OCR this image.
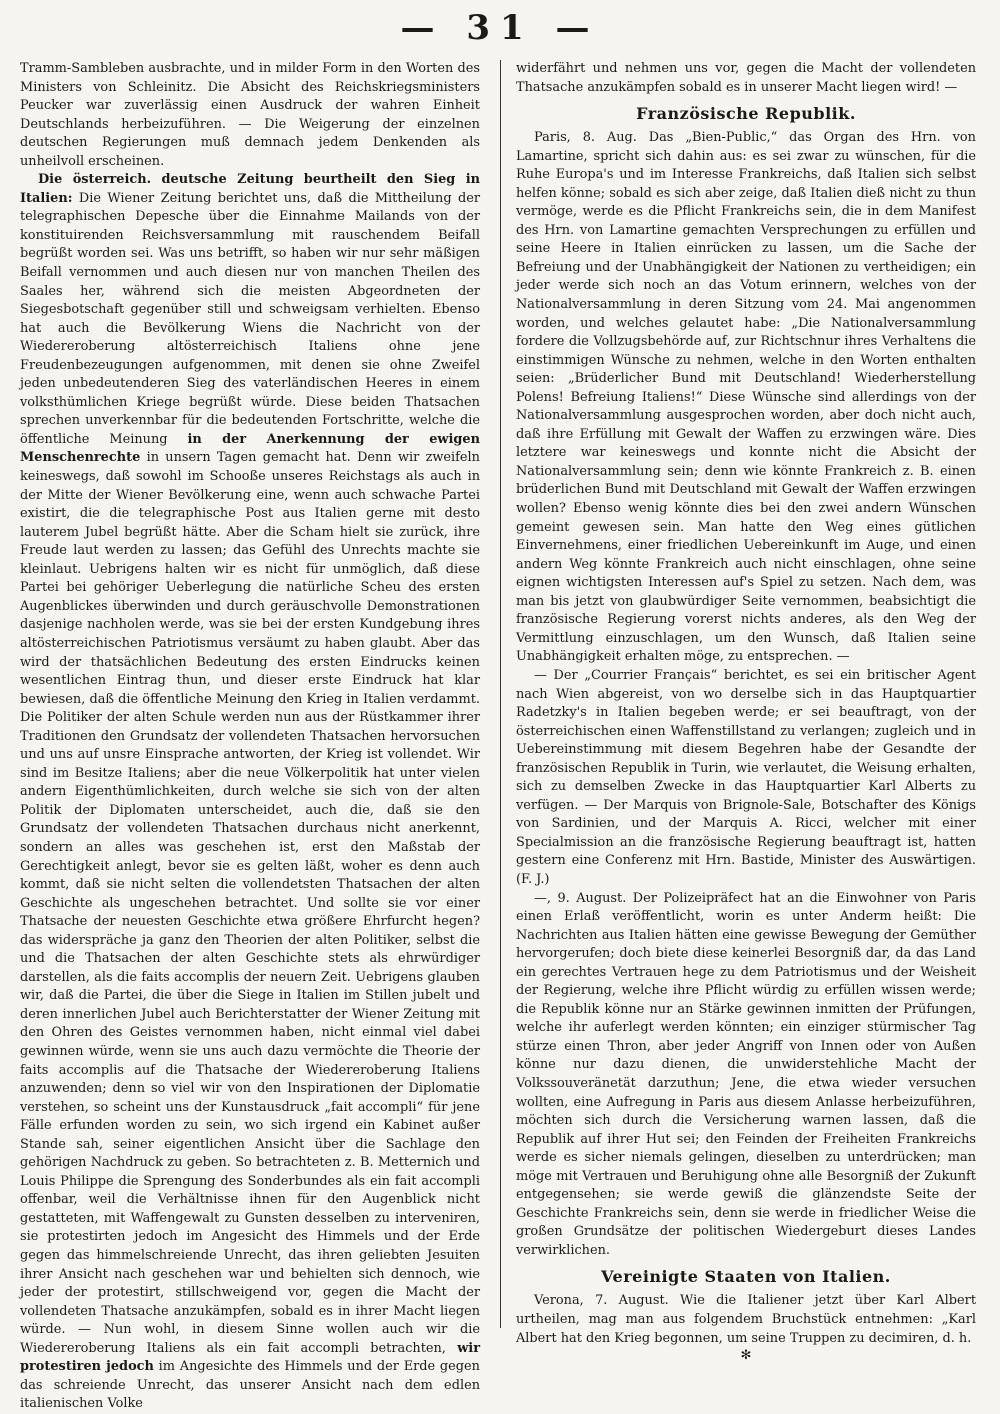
— 31 —

Tramm-Sambleben ausbrachte, und in milder Form in den Worten des Ministers von Schleinitz. Die Absicht des Reichskriegsministers Peucker war zuverlässig einen Ausdruck der wahren Einheit Deutschlands herbeizuführen. — Die Weigerung der einzelnen deutschen Regierungen muß demnach jedem Denkenden als unheilvoll erscheinen.

Die österreich. deutsche Zeitung beurtheilt den Sieg in Italien: Die Wiener Zeitung berichtet uns, daß die Mittheilung der telegraphischen Depesche über die Einnahme Mailands von der konstituirenden Reichsversammlung mit rauschendem Beifall begrüßt worden sei. Was uns betrifft, so haben wir nur sehr mäßigen Beifall vernommen und auch diesen nur von manchen Theilen des Saales her, während sich die meisten Abgeordneten der Siegesbotschaft gegenüber still und schweigsam verhielten. Ebenso hat auch die Bevölkerung Wiens die Nachricht von der Wiedereroberung altösterreichisch Italiens ohne jene Freudenbezeugungen aufgenommen, mit denen sie ohne Zweifel jeden unbedeutenderen Sieg des vaterländischen Heeres in einem volksthümlichen Kriege begrüßt würde. Diese beiden Thatsachen sprechen unverkennbar für die bedeutenden Fortschritte, welche die öffentliche Meinung in der Anerkennung der ewigen Menschenrechte in unsern Tagen gemacht hat. Denn wir zweifeln keineswegs, daß sowohl im Schooße unseres Reichstags als auch in der Mitte der Wiener Bevölkerung eine, wenn auch schwache Partei existirt, die die telegraphische Post aus Italien gerne mit desto lauterem Jubel begrüßt hätte. Aber die Scham hielt sie zurück, ihre Freude laut werden zu lassen; das Gefühl des Unrechts machte sie kleinlaut. Uebrigens halten wir es nicht für unmöglich, daß diese Partei bei gehöriger Ueberlegung die natürliche Scheu des ersten Augenblickes überwinden und durch geräuschvolle Demonstrationen dasjenige nachholen werde, was sie bei der ersten Kundgebung ihres altösterreichischen Patriotismus versäumt zu haben glaubt. Aber das wird der thatsächlichen Bedeutung des ersten Eindrucks keinen wesentlichen Eintrag thun, und dieser erste Eindruck hat klar bewiesen, daß die öffentliche Meinung den Krieg in Italien verdammt. Die Politiker der alten Schule werden nun aus der Rüstkammer ihrer Traditionen den Grundsatz der vollendeten Thatsachen hervorsuchen und uns auf unsre Einsprache antworten, der Krieg ist vollendet. Wir sind im Besitze Italiens; aber die neue Völkerpolitik hat unter vielen andern Eigenthümlichkeiten, durch welche sie sich von der alten Politik der Diplomaten unterscheidet, auch die, daß sie den Grundsatz der vollendeten Thatsachen durchaus nicht anerkennt, sondern an alles was geschehen ist, erst den Maßstab der Gerechtigkeit anlegt, bevor sie es gelten läßt, woher es denn auch kommt, daß sie nicht selten die vollendetsten Thatsachen der alten Geschichte als ungeschehen betrachtet. Und sollte sie vor einer Thatsache der neuesten Geschichte etwa größere Ehrfurcht hegen? das widerspräche ja ganz den Theorien der alten Politiker, selbst die und die Thatsachen der alten Geschichte stets als ehrwürdiger darstellen, als die faits accomplis der neuern Zeit. Uebrigens glauben wir, daß die Partei, die über die Siege in Italien im Stillen jubelt und deren innerlichen Jubel auch Berichterstatter der Wiener Zeitung mit den Ohren des Geistes vernommen haben, nicht einmal viel dabei gewinnen würde, wenn sie uns auch dazu vermöchte die Theorie der faits accomplis auf die Thatsache der Wiedereroberung Italiens anzuwenden; denn so viel wir von den Inspirationen der Diplomatie verstehen, so scheint uns der Kunstausdruck „fait accompli“ für jene Fälle erfunden worden zu sein, wo sich irgend ein Kabinet außer Stande sah, seiner eigentlichen Ansicht über die Sachlage den gehörigen Nachdruck zu geben. So betrachteten z. B. Metternich und Louis Philippe die Sprengung des Sonderbundes als ein fait accompli offenbar, weil die Verhältnisse ihnen für den Augenblick nicht gestatteten, mit Waffengewalt zu Gunsten desselben zu interveniren, sie protestirten jedoch im Angesicht des Himmels und der Erde gegen das himmelschreiende Unrecht, das ihren geliebten Jesuiten ihrer Ansicht nach geschehen war und behielten sich dennoch, wie jeder der protestirt, stillschweigend vor, gegen die Macht der vollendeten Thatsache anzukämpfen, sobald es in ihrer Macht liegen würde. — Nun wohl, in diesem Sinne wollen auch wir die Wiedereroberung Italiens als ein fait accompli betrachten, wir protestiren jedoch im Angesichte des Himmels und der Erde gegen das schreiende Unrecht, das unserer Ansicht nach dem edlen italienischen Volke

widerfährt und nehmen uns vor, gegen die Macht der vollendeten Thatsache anzukämpfen sobald es in unserer Macht liegen wird! —

Französische Republik.

Paris, 8. Aug. Das „Bien-Public,“ das Organ des Hrn. von Lamartine, spricht sich dahin aus: es sei zwar zu wünschen, für die Ruhe Europa's und im Interesse Frankreichs, daß Italien sich selbst helfen könne; sobald es sich aber zeige, daß Italien dieß nicht zu thun vermöge, werde es die Pflicht Frankreichs sein, die in dem Manifest des Hrn. von Lamartine gemachten Versprechungen zu erfüllen und seine Heere in Italien einrücken zu lassen, um die Sache der Befreiung und der Unabhängigkeit der Nationen zu vertheidigen; ein jeder werde sich noch an das Votum erinnern, welches von der Nationalversammlung in deren Sitzung vom 24. Mai angenommen worden, und welches gelautet habe: „Die Nationalversammlung fordere die Vollzugsbehörde auf, zur Richtschnur ihres Verhaltens die einstimmigen Wünsche zu nehmen, welche in den Worten enthalten seien: „Brüderlicher Bund mit Deutschland! Wiederherstellung Polens! Befreiung Italiens!“ Diese Wünsche sind allerdings von der Nationalversammlung ausgesprochen worden, aber doch nicht auch, daß ihre Erfüllung mit Gewalt der Waffen zu erzwingen wäre. Dies letztere war keineswegs und konnte nicht die Absicht der Nationalversammlung sein; denn wie könnte Frankreich z. B. einen brüderlichen Bund mit Deutschland mit Gewalt der Waffen erzwingen wollen? Ebenso wenig könnte dies bei den zwei andern Wünschen gemeint gewesen sein. Man hatte den Weg eines gütlichen Einvernehmens, einer friedlichen Uebereinkunft im Auge, und einen andern Weg könnte Frankreich auch nicht einschlagen, ohne seine eignen wichtigsten Interessen auf's Spiel zu setzen. Nach dem, was man bis jetzt von glaubwürdiger Seite vernommen, beabsichtigt die französische Regierung vorerst nichts anderes, als den Weg der Vermittlung einzuschlagen, um den Wunsch, daß Italien seine Unabhängigkeit erhalten möge, zu entsprechen. —

— Der „Courrier Français“ berichtet, es sei ein britischer Agent nach Wien abgereist, von wo derselbe sich in das Hauptquartier Radetzky's in Italien begeben werde; er sei beauftragt, von der österreichischen einen Waffenstillstand zu verlangen; zugleich und in Uebereinstimmung mit diesem Begehren habe der Gesandte der französischen Republik in Turin, wie verlautet, die Weisung erhalten, sich zu demselben Zwecke in das Hauptquartier Karl Alberts zu verfügen. — Der Marquis von Brignole-Sale, Botschafter des Königs von Sardinien, und der Marquis A. Ricci, welcher mit einer Specialmission an die französische Regierung beauftragt ist, hatten gestern eine Conferenz mit Hrn. Bastide, Minister des Auswärtigen. (F. J.)

—, 9. August. Der Polizeipräfect hat an die Einwohner von Paris einen Erlaß veröffentlicht, worin es unter Anderm heißt: Die Nachrichten aus Italien hätten eine gewisse Bewegung der Gemüther hervorgerufen; doch biete diese keinerlei Besorgniß dar, da das Land ein gerechtes Vertrauen hege zu dem Patriotismus und der Weisheit der Regierung, welche ihre Pflicht würdig zu erfüllen wissen werde; die Republik könne nur an Stärke gewinnen inmitten der Prüfungen, welche ihr auferlegt werden könnten; ein einziger stürmischer Tag stürze einen Thron, aber jeder Angriff von Innen oder von Außen könne nur dazu dienen, die unwiderstehliche Macht der Volkssouveränetät darzuthun; Jene, die etwa wieder versuchen wollten, eine Aufregung in Paris aus diesem Anlasse herbeizuführen, möchten sich durch die Versicherung warnen lassen, daß die Republik auf ihrer Hut sei; den Feinden der Freiheiten Frankreichs werde es sicher niemals gelingen, dieselben zu unterdrücken; man möge mit Vertrauen und Beruhigung ohne alle Besorgniß der Zukunft entgegensehen; sie werde gewiß die glänzendste Seite der Geschichte Frankreichs sein, denn sie werde in friedlicher Weise die großen Grundsätze der politischen Wiedergeburt dieses Landes verwirklichen.

Vereinigte Staaten von Italien.

Verona, 7. August. Wie die Italiener jetzt über Karl Albert urtheilen, mag man aus folgendem Bruchstück entnehmen: „Karl Albert hat den Krieg begonnen, um seine Truppen zu decimiren, d. h.

✻
